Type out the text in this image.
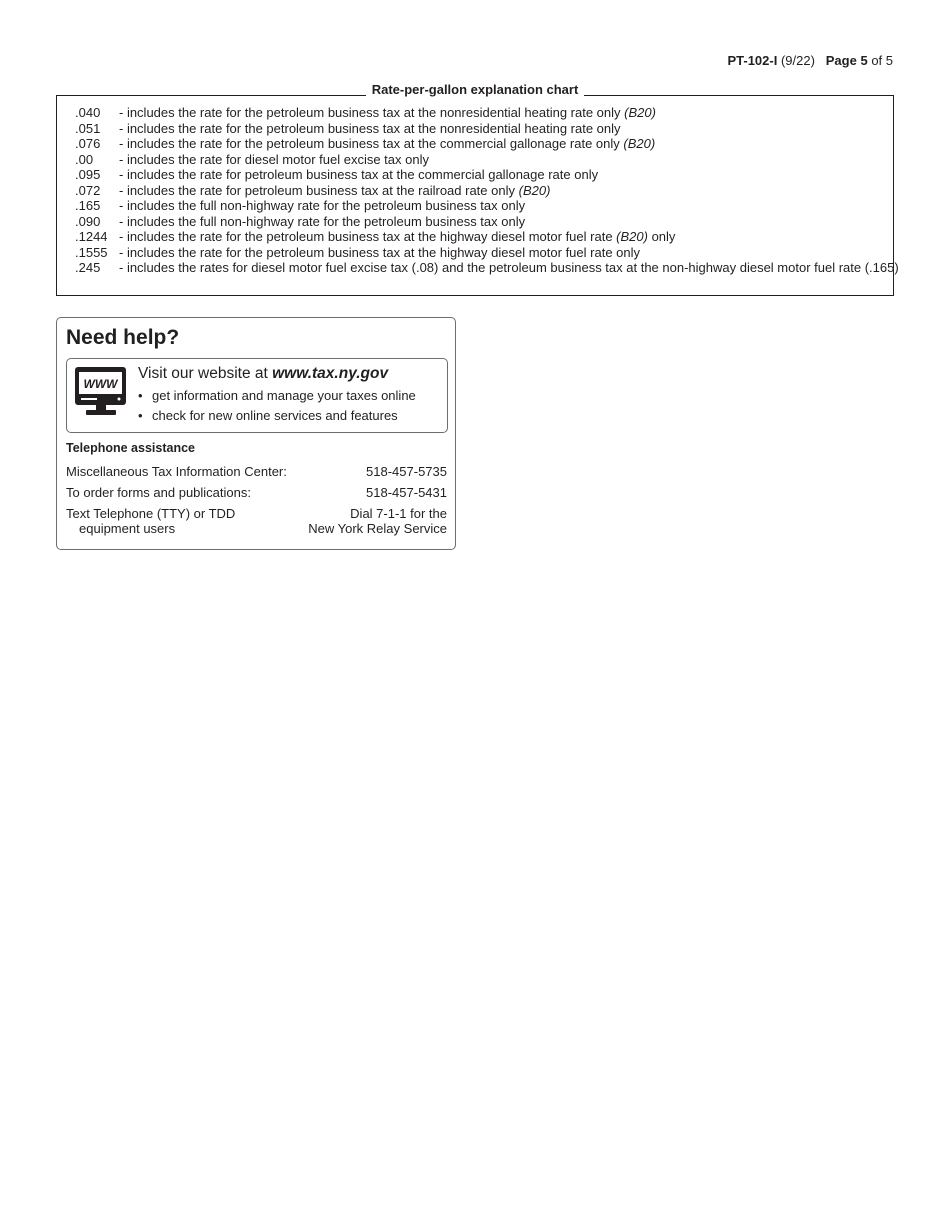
PT-102-I (9/22) Page 5 of 5
.040 - includes the rate for the petroleum business tax at the nonresidential heating rate only (B20)
.051 - includes the rate for the petroleum business tax at the nonresidential heating rate only
.076 - includes the rate for the petroleum business tax at the commercial gallonage rate only (B20)
.00 - includes the rate for diesel motor fuel excise tax only
.095 - includes the rate for petroleum business tax at the commercial gallonage rate only
.072 - includes the rate for petroleum business tax at the railroad rate only (B20)
.165 - includes the full non-highway rate for the petroleum business tax only
.090 - includes the full non-highway rate for the petroleum business tax only
.1244 - includes the rate for the petroleum business tax at the highway diesel motor fuel rate (B20) only
.1555 - includes the rate for the petroleum business tax at the highway diesel motor fuel rate only
.245 - includes the rates for diesel motor fuel excise tax (.08) and the petroleum business tax at the non-highway diesel motor fuel rate (.165)
Rate-per-gallon explanation chart
Need help?
WWW
Visit our website at www.tax.ny.gov
• get information and manage your taxes online
• check for new online services and features
Telephone assistance
Miscellaneous Tax Information Center:	518-457-5735
To order forms and publications:	518-457-5431
Text Telephone (TTY) or TDD
equipment users
Dial 7-1-1 for the
New York Relay Service
